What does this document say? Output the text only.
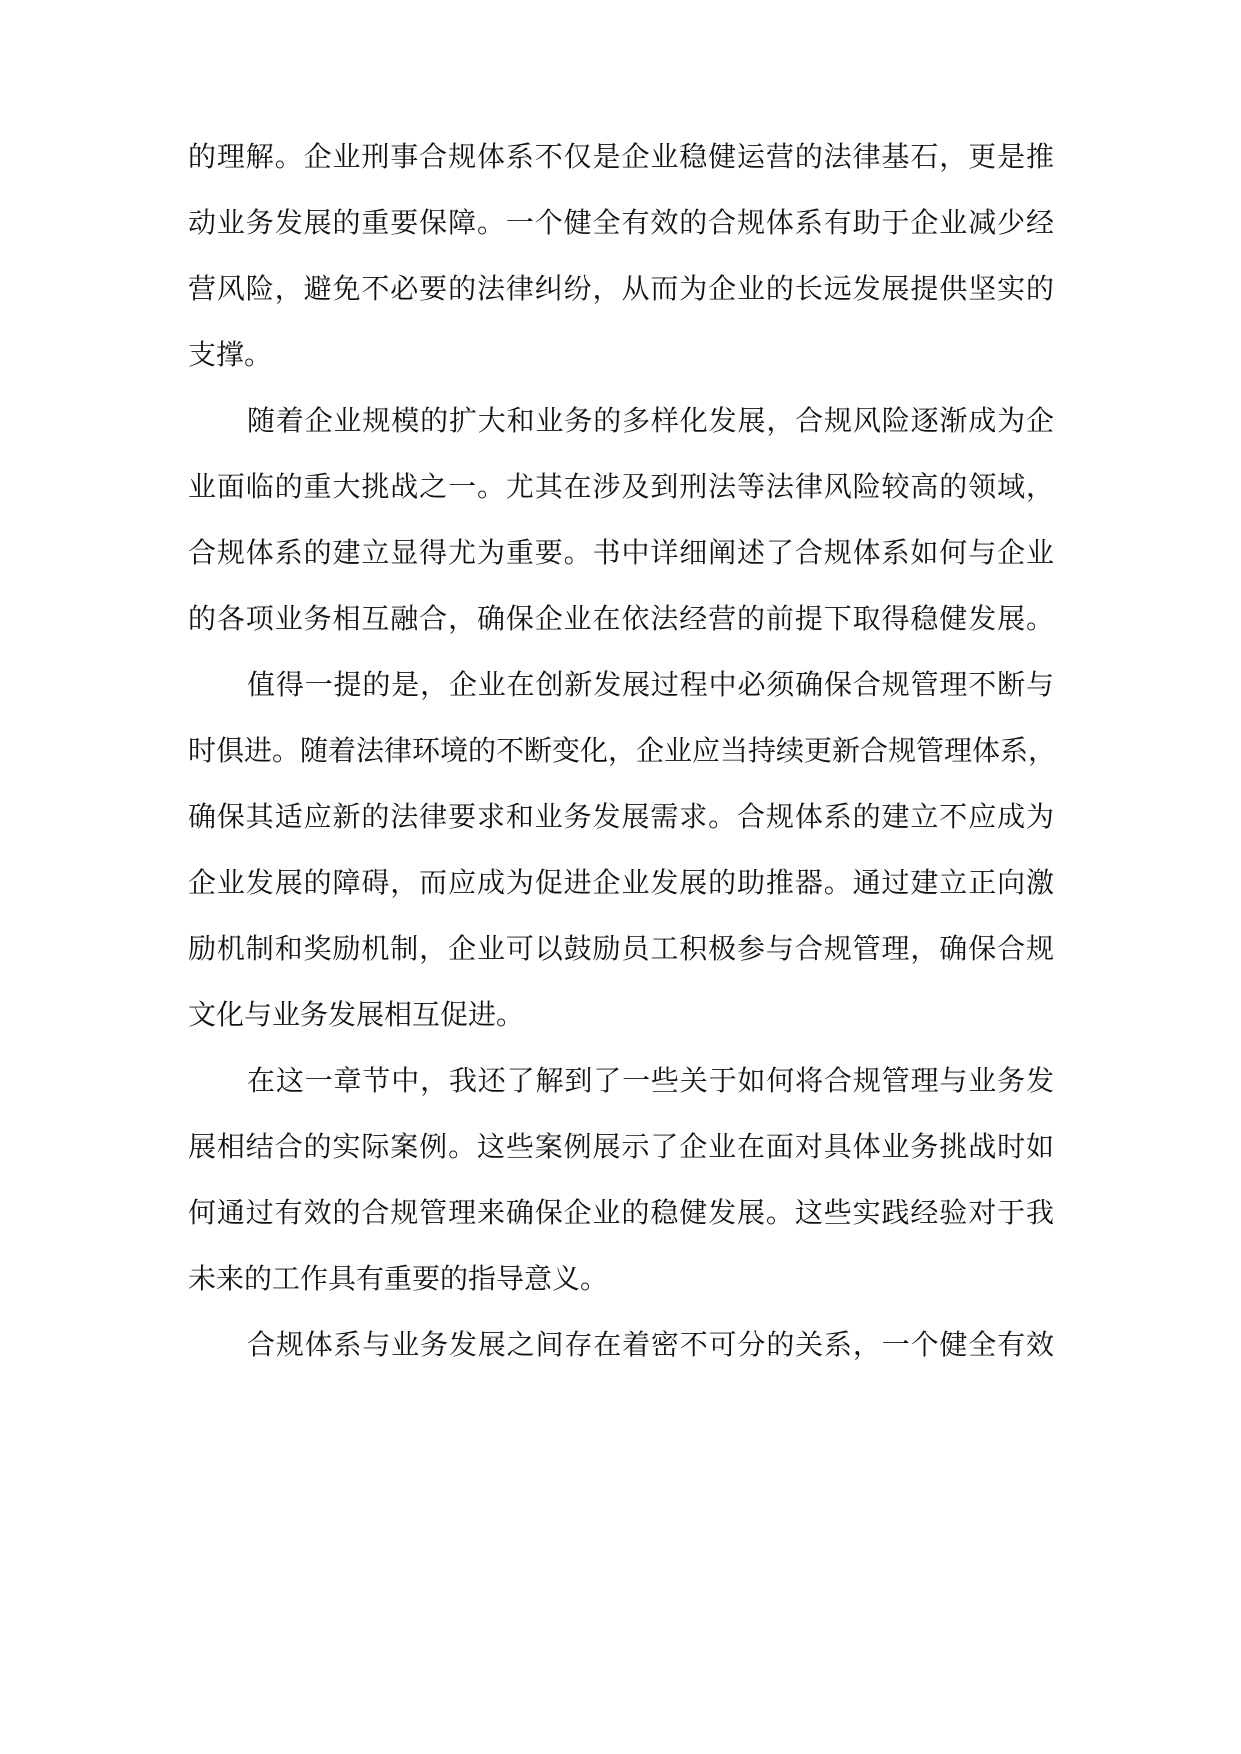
的理解。企业刑事合规体系不仅是企业稳健运营的法律基石，更是推
动业务发展的重要保障。一个健全有效的合规体系有助于企业减少经
营风险，避免不必要的法律纠纷，从而为企业的长远发展提供坚实的
支撑。
随着企业规模的扩大和业务的多样化发展，合规风险逐渐成为企
业面临的重大挑战之一。尤其在涉及到刑法等法律风险较高的领域，
合规体系的建立显得尤为重要。书中详细阐述了合规体系如何与企业
的各项业务相互融合，确保企业在依法经营的前提下取得稳健发展。
值得一提的是，企业在创新发展过程中必须确保合规管理不断与
时俱进。随着法律环境的不断变化，企业应当持续更新合规管理体系，
确保其适应新的法律要求和业务发展需求。合规体系的建立不应成为
企业发展的障碍，而应成为促进企业发展的助推器。通过建立正向激
励机制和奖励机制，企业可以鼓励员工积极参与合规管理，确保合规
文化与业务发展相互促进。
在这一章节中，我还了解到了一些关于如何将合规管理与业务发
展相结合的实际案例。这些案例展示了企业在面对具体业务挑战时如
何通过有效的合规管理来确保企业的稳健发展。这些实践经验对于我
未来的工作具有重要的指导意义。
合规体系与业务发展之间存在着密不可分的关系，一个健全有效
